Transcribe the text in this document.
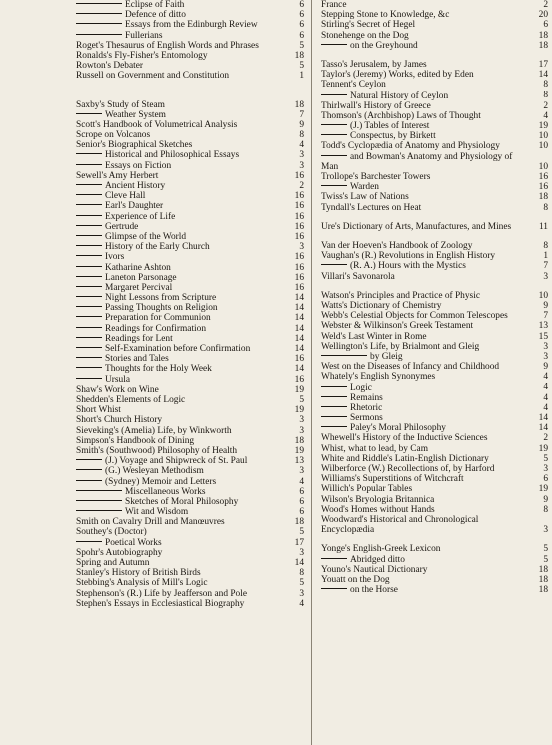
Eclipse of Faith	6
Defence of ditto	6
Essays from the Edinburgh Review	6
Fullerians	6
Roget's Thesaurus of English Words and Phrases	5
Ronalds's Fly-Fisher's Entomology	18
Rowton's Debater	5
Russell on Government and Constitution	1
Saxby's Study of Steam	18
Weather System	7
Scott's Handbook of Volumetrical Analysis	9
Scrope on Volcanos	8
Senior's Biographical Sketches	4
Historical and Philosophical Essays	3
Essays on Fiction	3
Sewell's Amy Herbert	16
Ancient History	2
Cleve Hall	16
Earl's Daughter	16
Experience of Life	16
Gertrude	16
Glimpse of the World	16
History of the Early Church	3
Ivors	16
Katharine Ashton	16
Laneton Parsonage	16
Margaret Percival	16
Night Lessons from Scripture	14
Passing Thoughts on Religion	14
Preparation for Communion	14
Readings for Confirmation	14
Readings for Lent	14
Self-Examination before Confirmation	14
Stories and Tales	16
Thoughts for the Holy Week	14
Ursula	16
Shaw's Work on Wine	19
Shedden's Elements of Logic	5
Short Whist	19
Short's Church History	3
Sieveking's (Amelia) Life, by Winkworth	3
Simpson's Handbook of Dining	18
Smith's (Southwood) Philosophy of Health	19
(J.) Voyage and Shipwreck of St. Paul	13
(G.) Wesleyan Methodism	3
(Sydney) Memoir and Letters	4
Miscellaneous Works	6
Sketches of Moral Philosophy	6
Wit and Wisdom	6
Smith on Cavalry Drill and Manœuvres	18
Southey's (Doctor)	5
Poetical Works	17
Spohr's Autobiography	3
Spring and Autumn	14
Stanley's History of British Birds	8
Stebbing's Analysis of Mill's Logic	5
Stephenson's (R.) Life by Jeafferson and Pole	3
Stephen's Essays in Ecclesiastical Biography	4
France	2
Stepping Stone to Knowledge, &c	20
Stirling's Secret of Hegel	6
Stonehenge on the Dog	18
on the Greyhound	18
Tasso's Jerusalem, by James	17
Taylor's (Jeremy) Works, edited by Eden	14
Tennent's Ceylon	8
Natural History of Ceylon	8
Thirlwall's History of Greece	2
Thomson's (Archbishop) Laws of Thought	4
(J.) Tables of Interest	19
Conspectus, by Birkett	10
Todd's Cyclopædia of Anatomy and Physiology	10
and Bowman's Anatomy and Physiology of Man	10
Trollope's Barchester Towers	16
Warden	16
Twiss's Law of Nations	18
Tyndall's Lectures on Heat	8
Ure's Dictionary of Arts, Manufactures, and Mines	11
Van der Hoeven's Handbook of Zoology	8
Vaughan's (R.) Revolutions in English History	1
(R. A.) Hours with the Mystics	7
Villari's Savonarola	3
Watson's Principles and Practice of Physic	10
Watts's Dictionary of Chemistry	9
Webb's Celestial Objects for Common Telescopes	7
Webster & Wilkinson's Greek Testament	13
Weld's Last Winter in Rome	15
Wellington's Life, by Brialmont and Gleig	3
by Gleig	3
West on the Diseases of Infancy and Childhood	9
Whately's English Synonymes	4
Logic	4
Remains	4
Rhetoric	4
Sermons	14
Paley's Moral Philosophy	14
Whewell's History of the Inductive Sciences	2
Whist, what to lead, by Cam	19
White and Riddle's Latin-English Dictionary	5
Wilberforce (W.) Recollections of, by Harford	3
Williams's Superstitions of Witchcraft	6
Willich's Popular Tables	19
Wilson's Bryologia Britannica	9
Wood's Homes without Hands	8
Woodward's Historical and Chronological Encyclopædia	3
Yonge's English-Greek Lexicon	5
Abridged ditto	5
Youno's Nautical Dictionary	18
Youatt on the Dog	18
on the Horse	18
